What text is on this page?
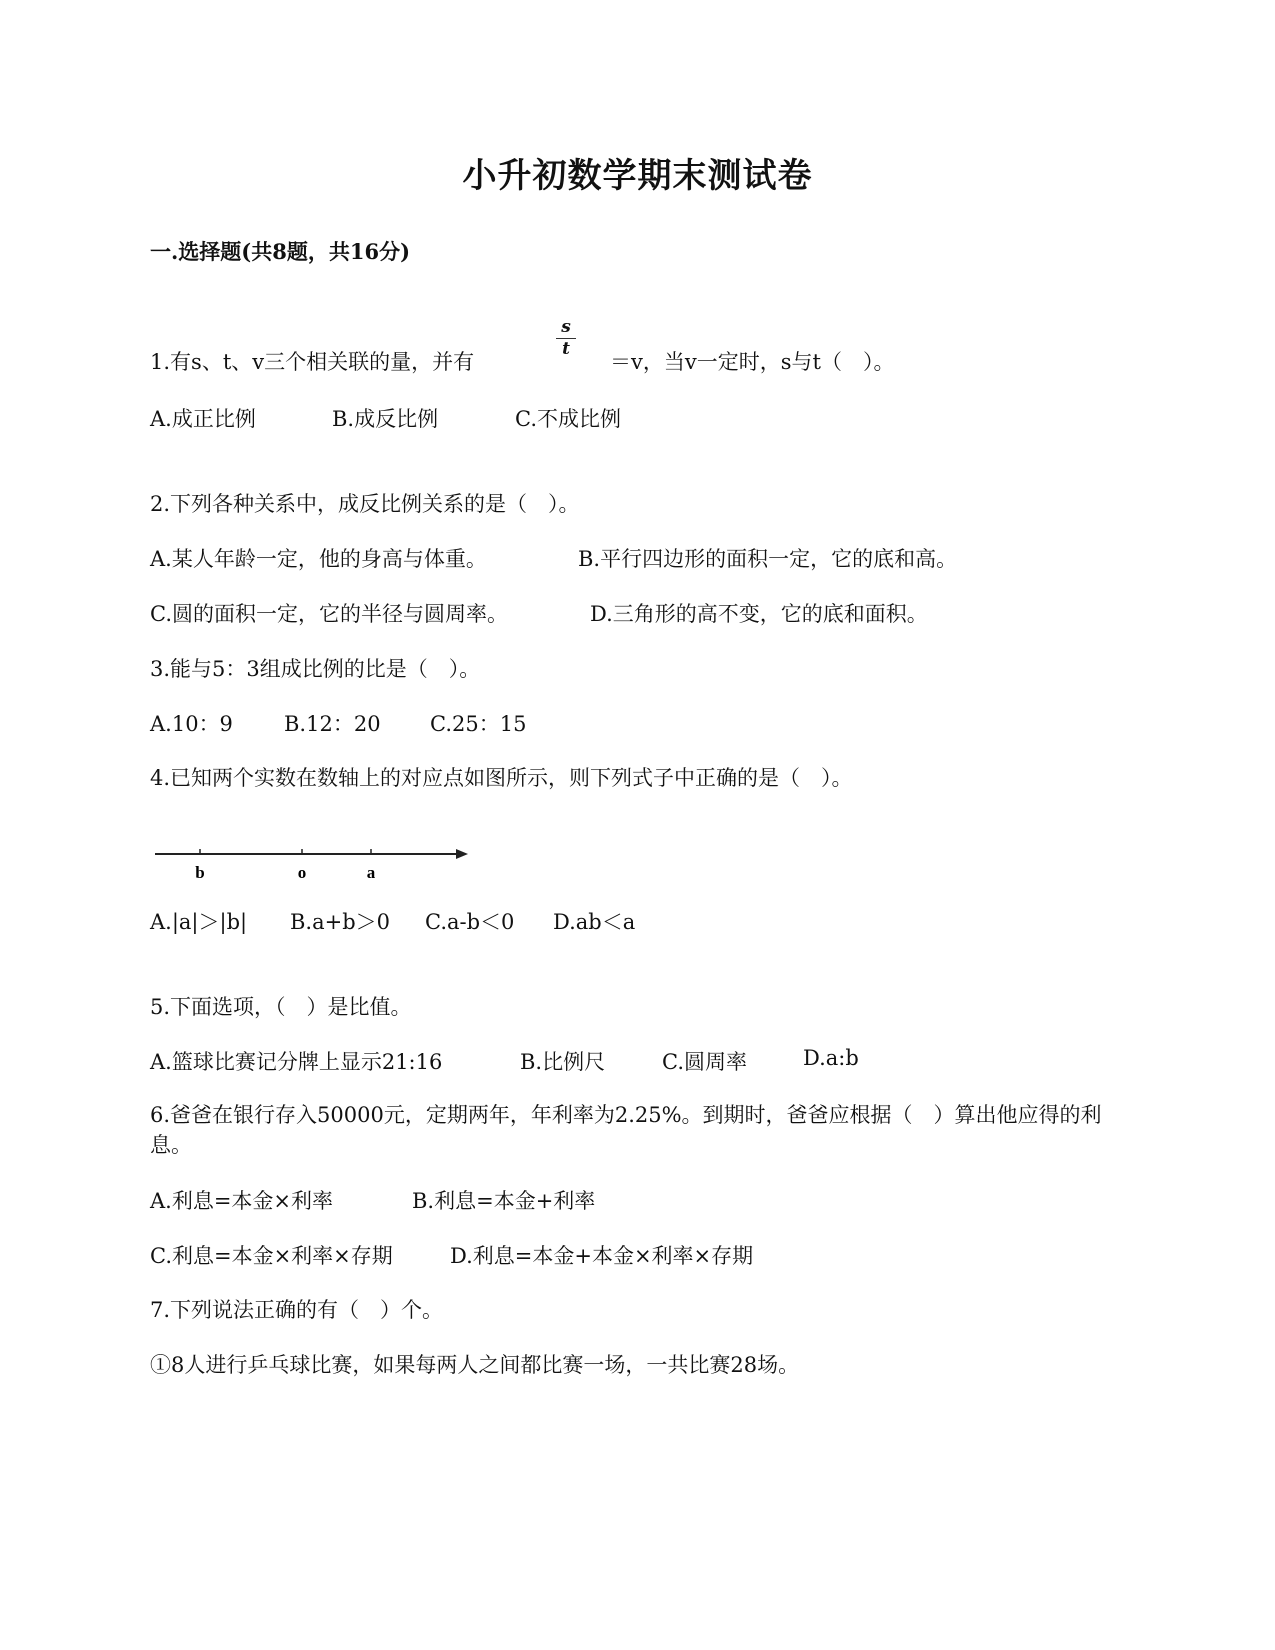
小升初数学期末测试卷
一.选择题(共8题，共16分)
1.有s、t、v三个相关联的量，并有
s
t
＝v，当v一定时，s与t（　）。
A.成正比例	B.成反比例	C.不成比例
2.下列各种关系中，成反比例关系的是（　）。
A.某人年龄一定，他的身高与体重。	B.平行四边形的面积一定，它的底和高。
C.圆的面积一定，它的半径与圆周率。	D.三角形的高不变，它的底和面积。
3.能与5：3组成比例的比是（　）。
A.10：9 B.12：20 C.25：15
4.已知两个实数在数轴上的对应点如图所示，则下列式子中正确的是（　）。
b	o	a
A.|a|＞|b| B.a+b＞0 C.a-b＜0 D.ab＜a
5.下面选项，（　）是比值。
A.篮球比赛记分牌上显示21:16	B.比例尺	C.圆周率	D.a:b
6.爸爸在银行存入50000元，定期两年，年利率为2.25%。到期时，爸爸应根据（　）算出他应得的利息。
A.利息=本金×利率	B.利息=本金+利率
C.利息=本金×利率×存期	D.利息=本金+本金×利率×存期
7.下列说法正确的有（　）个。
①8人进行乒乓球比赛，如果每两人之间都比赛一场，一共比赛28场。
